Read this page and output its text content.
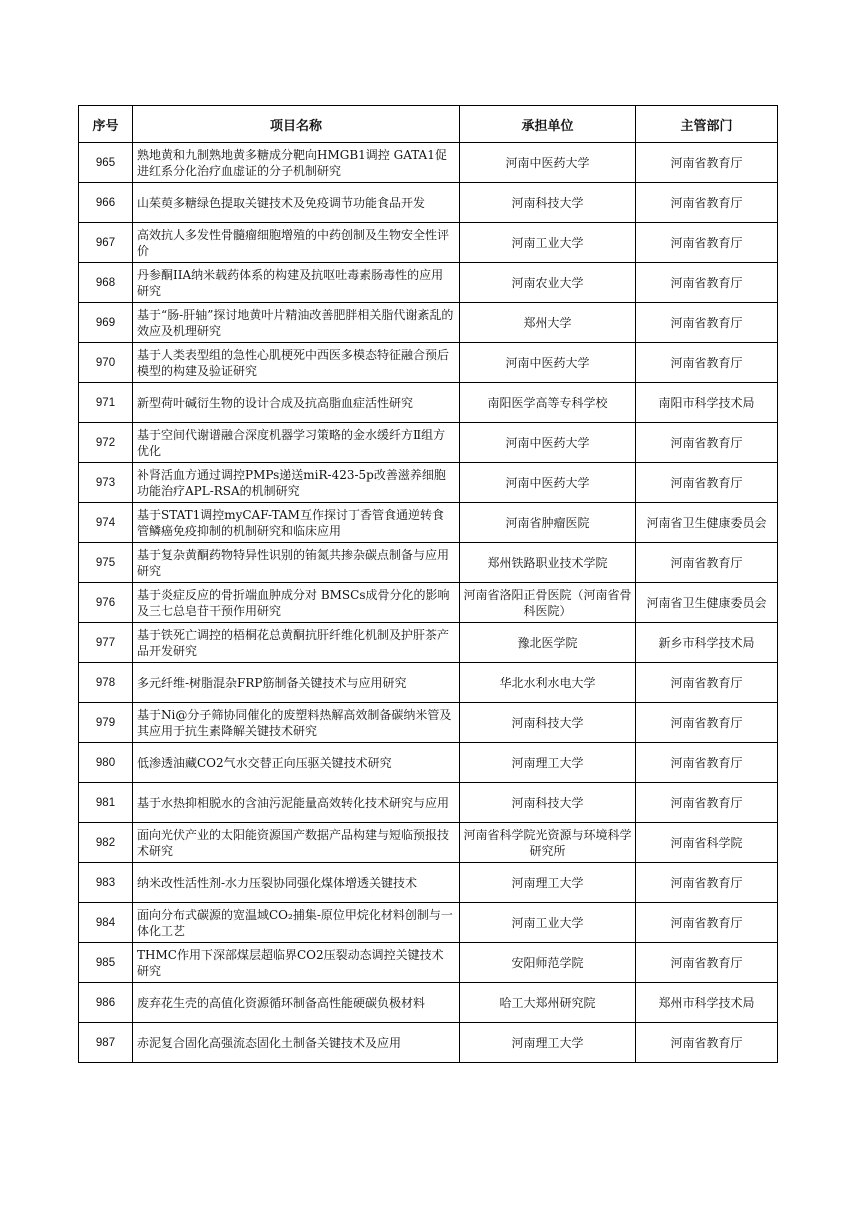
序号	项目名称	承担单位	主管部门
965	熟地黄和九制熟地黄多糖成分靶向HMGB1调控 GATA1促进红系分化治疗血虚证的分子机制研究	河南中医药大学	河南省教育厅
966	山茱萸多糖绿色提取关键技术及免疫调节功能食品开发	河南科技大学	河南省教育厅
967	高效抗人多发性骨髓瘤细胞增殖的中药创制及生物安全性评价	河南工业大学	河南省教育厅
968	丹参酮IIA纳米载药体系的构建及抗呕吐毒素肠毒性的应用研究	河南农业大学	河南省教育厅
969	基于“肠-肝轴”探讨地黄叶片精油改善肥胖相关脂代谢紊乱的效应及机理研究	郑州大学	河南省教育厅
970	基于人类表型组的急性心肌梗死中西医多模态特征融合预后模型的构建及验证研究	河南中医药大学	河南省教育厅
971	新型荷叶碱衍生物的设计合成及抗高脂血症活性研究	南阳医学高等专科学校	南阳市科学技术局
972	基于空间代谢谱融合深度机器学习策略的金水缓纤方Ⅱ组方优化	河南中医药大学	河南省教育厅
973	补肾活血方通过调控PMPs递送miR-423-5p改善滋养细胞功能治疗APL-RSA的机制研究	河南中医药大学	河南省教育厅
974	基于STAT1调控myCAF-TAM互作探讨丁香管食通逆转食管鳞癌免疫抑制的机制研究和临床应用	河南省肿瘤医院	河南省卫生健康委员会
975	基于复杂黄酮药物特异性识别的铕氮共掺杂碳点制备与应用研究	郑州铁路职业技术学院	河南省教育厅
976	基于炎症反应的骨折端血肿成分对 BMSCs成骨分化的影响及三七总皂苷干预作用研究	河南省洛阳正骨医院（河南省骨科医院）	河南省卫生健康委员会
977	基于铁死亡调控的梧桐花总黄酮抗肝纤维化机制及护肝茶产品开发研究	豫北医学院	新乡市科学技术局
978	多元纤维-树脂混杂FRP筋制备关键技术与应用研究	华北水利水电大学	河南省教育厅
979	基于Ni@分子筛协同催化的废塑料热解高效制备碳纳米管及其应用于抗生素降解关键技术研究	河南科技大学	河南省教育厅
980	低渗透油藏CO2气水交替正向压驱关键技术研究	河南理工大学	河南省教育厅
981	基于水热抑相脱水的含油污泥能量高效转化技术研究与应用	河南科技大学	河南省教育厅
982	面向光伏产业的太阳能资源国产数据产品构建与短临预报技术研究	河南省科学院光资源与环境科学研究所	河南省科学院
983	纳米改性活性剂-水力压裂协同强化煤体增透关键技术	河南理工大学	河南省教育厅
984	面向分布式碳源的宽温域CO₂捕集-原位甲烷化材料创制与一体化工艺	河南工业大学	河南省教育厅
985	THMC作用下深部煤层超临界CO2压裂动态调控关键技术研究	安阳师范学院	河南省教育厅
986	废弃花生壳的高值化资源循环制备高性能硬碳负极材料	哈工大郑州研究院	郑州市科学技术局
987	赤泥复合固化高强流态固化土制备关键技术及应用	河南理工大学	河南省教育厅
